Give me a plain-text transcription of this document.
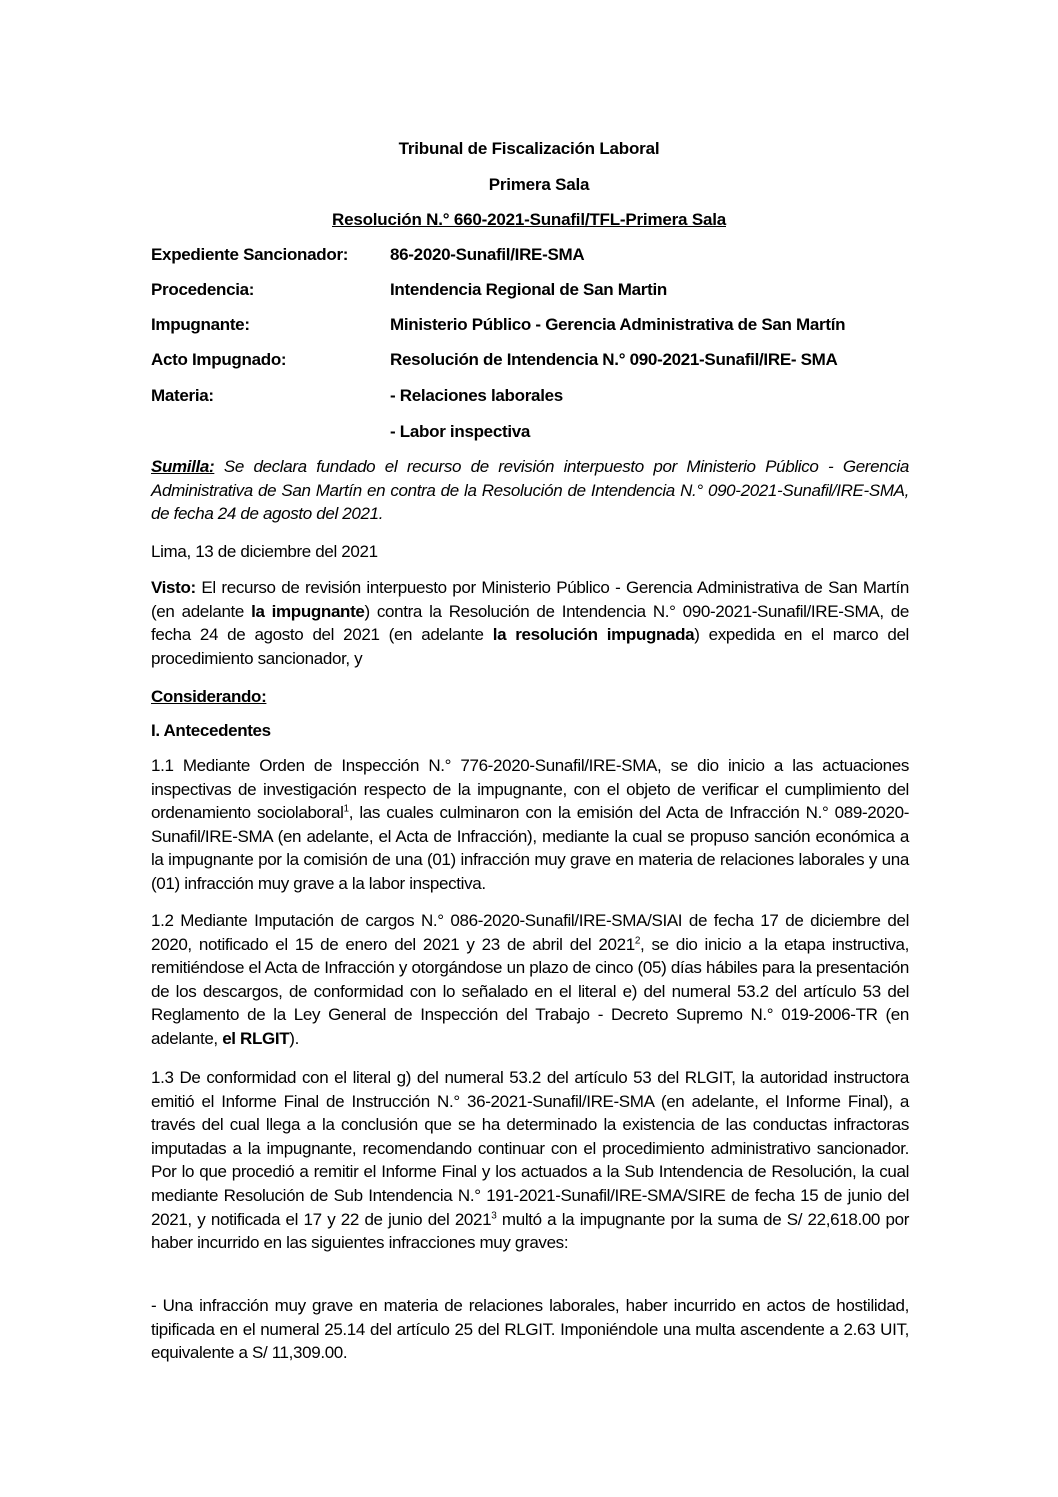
Tribunal de Fiscalización Laboral
Primera Sala
Resolución N.° 660-2021-Sunafil/TFL-Primera Sala
Expediente Sancionador: 86-2020-Sunafil/IRE-SMA
Procedencia:	Intendencia Regional de San Martin
Impugnante:	Ministerio Público - Gerencia Administrativa de San Martín
Acto Impugnado:	Resolución de Intendencia N.° 090-2021-Sunafil/IRE- SMA
Materia:	- Relaciones laborales
- Labor inspectiva
Sumilla: Se declara fundado el recurso de revisión interpuesto por Ministerio Público - Gerencia Administrativa de San Martín en contra de la Resolución de Intendencia N.° 090-2021-Sunafil/IRE-SMA, de fecha 24 de agosto del 2021.
Lima, 13 de diciembre del 2021
Visto: El recurso de revisión interpuesto por Ministerio Público - Gerencia Administrativa de San Martín (en adelante la impugnante) contra la Resolución de Intendencia N.° 090-2021-Sunafil/IRE-SMA, de fecha 24 de agosto del 2021 (en adelante la resolución impugnada) expedida en el marco del procedimiento sancionador, y
Considerando:
I. Antecedentes
1.1 Mediante Orden de Inspección N.° 776-2020-Sunafil/IRE-SMA, se dio inicio a las actuaciones inspectivas de investigación respecto de la impugnante, con el objeto de verificar el cumplimiento del ordenamiento sociolaboral$^1$, las cuales culminaron con la emisión del Acta de Infracción N.° 089-2020-Sunafil/IRE-SMA (en adelante, el Acta de Infracción), mediante la cual se propuso sanción económica a la impugnante por la comisión de una (01) infracción muy grave en materia de relaciones laborales y una (01) infracción muy grave a la labor inspectiva.
1.2 Mediante Imputación de cargos N.° 086-2020-Sunafil/IRE-SMA/SIAI de fecha 17 de diciembre del 2020, notificado el 15 de enero del 2021 y 23 de abril del 2021$^2$, se dio inicio a la etapa instructiva, remitiéndose el Acta de Infracción y otorgándose un plazo de cinco (05) días hábiles para la presentación de los descargos, de conformidad con lo señalado en el literal e) del numeral 53.2 del artículo 53 del Reglamento de la Ley General de Inspección del Trabajo - Decreto Supremo N.° 019-2006-TR (en adelante, el RLGIT).
1.3 De conformidad con el literal g) del numeral 53.2 del artículo 53 del RLGIT, la autoridad instructora emitió el Informe Final de Instrucción N.° 36-2021-Sunafil/IRE-SMA (en adelante, el Informe Final), a través del cual llega a la conclusión que se ha determinado la existencia de las conductas infractoras imputadas a la impugnante, recomendando continuar con el procedimiento administrativo sancionador. Por lo que procedió a remitir el Informe Final y los actuados a la Sub Intendencia de Resolución, la cual mediante Resolución de Sub Intendencia N.° 191-2021-Sunafil/IRE-SMA/SIRE de fecha 15 de junio del 2021, y notificada el 17 y 22 de junio del 2021$^3$ multó a la impugnante por la suma de S/ 22,618.00 por haber incurrido en las siguientes infracciones muy graves:
- Una infracción muy grave en materia de relaciones laborales, haber incurrido en actos de hostilidad, tipificada en el numeral 25.14 del artículo 25 del RLGIT. Imponiéndole una multa ascendente a 2.63 UIT, equivalente a S/ 11,309.00.
